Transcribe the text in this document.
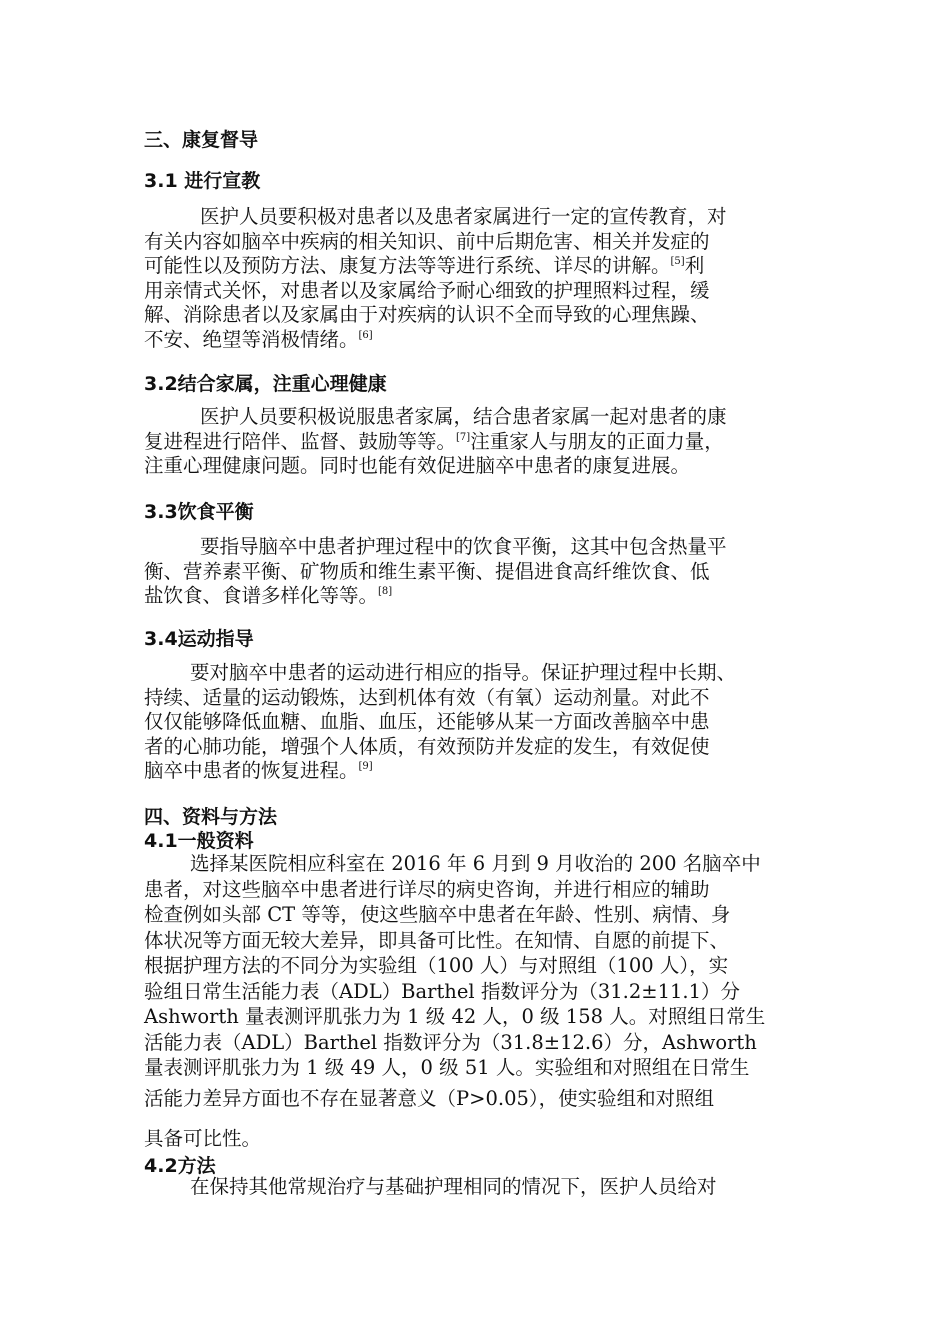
三、康复督导
3.1 进行宣教
医护人员要积极对患者以及患者家属进行一定的宣传教育，对
有关内容如脑卒中疾病的相关知识、前中后期危害、相关并发症的
可能性以及预防方法、康复方法等等进行系统、详尽的讲解。[5]利
用亲情式关怀，对患者以及家属给予耐心细致的护理照料过程，缓
解、消除患者以及家属由于对疾病的认识不全而导致的心理焦躁、
不安、绝望等消极情绪。[6]
3.2结合家属，注重心理健康
医护人员要积极说服患者家属，结合患者家属一起对患者的康
复进程进行陪伴、监督、鼓励等等。[7]注重家人与朋友的正面力量，
注重心理健康问题。同时也能有效促进脑卒中患者的康复进展。
3.3饮食平衡
要指导脑卒中患者护理过程中的饮食平衡，这其中包含热量平
衡、营养素平衡、矿物质和维生素平衡、提倡进食高纤维饮食、低
盐饮食、食谱多样化等等。[8]
3.4运动指导
要对脑卒中患者的运动进行相应的指导。保证护理过程中长期、
持续、适量的运动锻炼，达到机体有效（有氧）运动剂量。对此不
仅仅能够降低血糖、血脂、血压，还能够从某一方面改善脑卒中患
者的心肺功能，增强个人体质，有效预防并发症的发生，有效促使
脑卒中患者的恢复进程。[9]
四、资料与方法
4.1一般资料
选择某医院相应科室在 2016 年 6 月到 9 月收治的 200 名脑卒中
患者，对这些脑卒中患者进行详尽的病史咨询，并进行相应的辅助
检查例如头部 CT 等等，使这些脑卒中患者在年龄、性别、病情、身
体状况等方面无较大差异，即具备可比性。在知情、自愿的前提下、
根据护理方法的不同分为实验组（100 人）与对照组（100 人），实
验组日常生活能力表（ADL）Barthel 指数评分为（31.2±11.1）分
Ashworth 量表测评肌张力为 1 级 42 人，0 级 158 人。对照组日常生
活能力表（ADL）Barthel 指数评分为（31.8±12.6）分，Ashworth
量表测评肌张力为 1 级 49 人，0 级 51 人。实验组和对照组在日常生
活能力差异方面也不存在显著意义（P>0.05），使实验组和对照组
具备可比性。
4.2方法
在保持其他常规治疗与基础护理相同的情况下，医护人员给对
